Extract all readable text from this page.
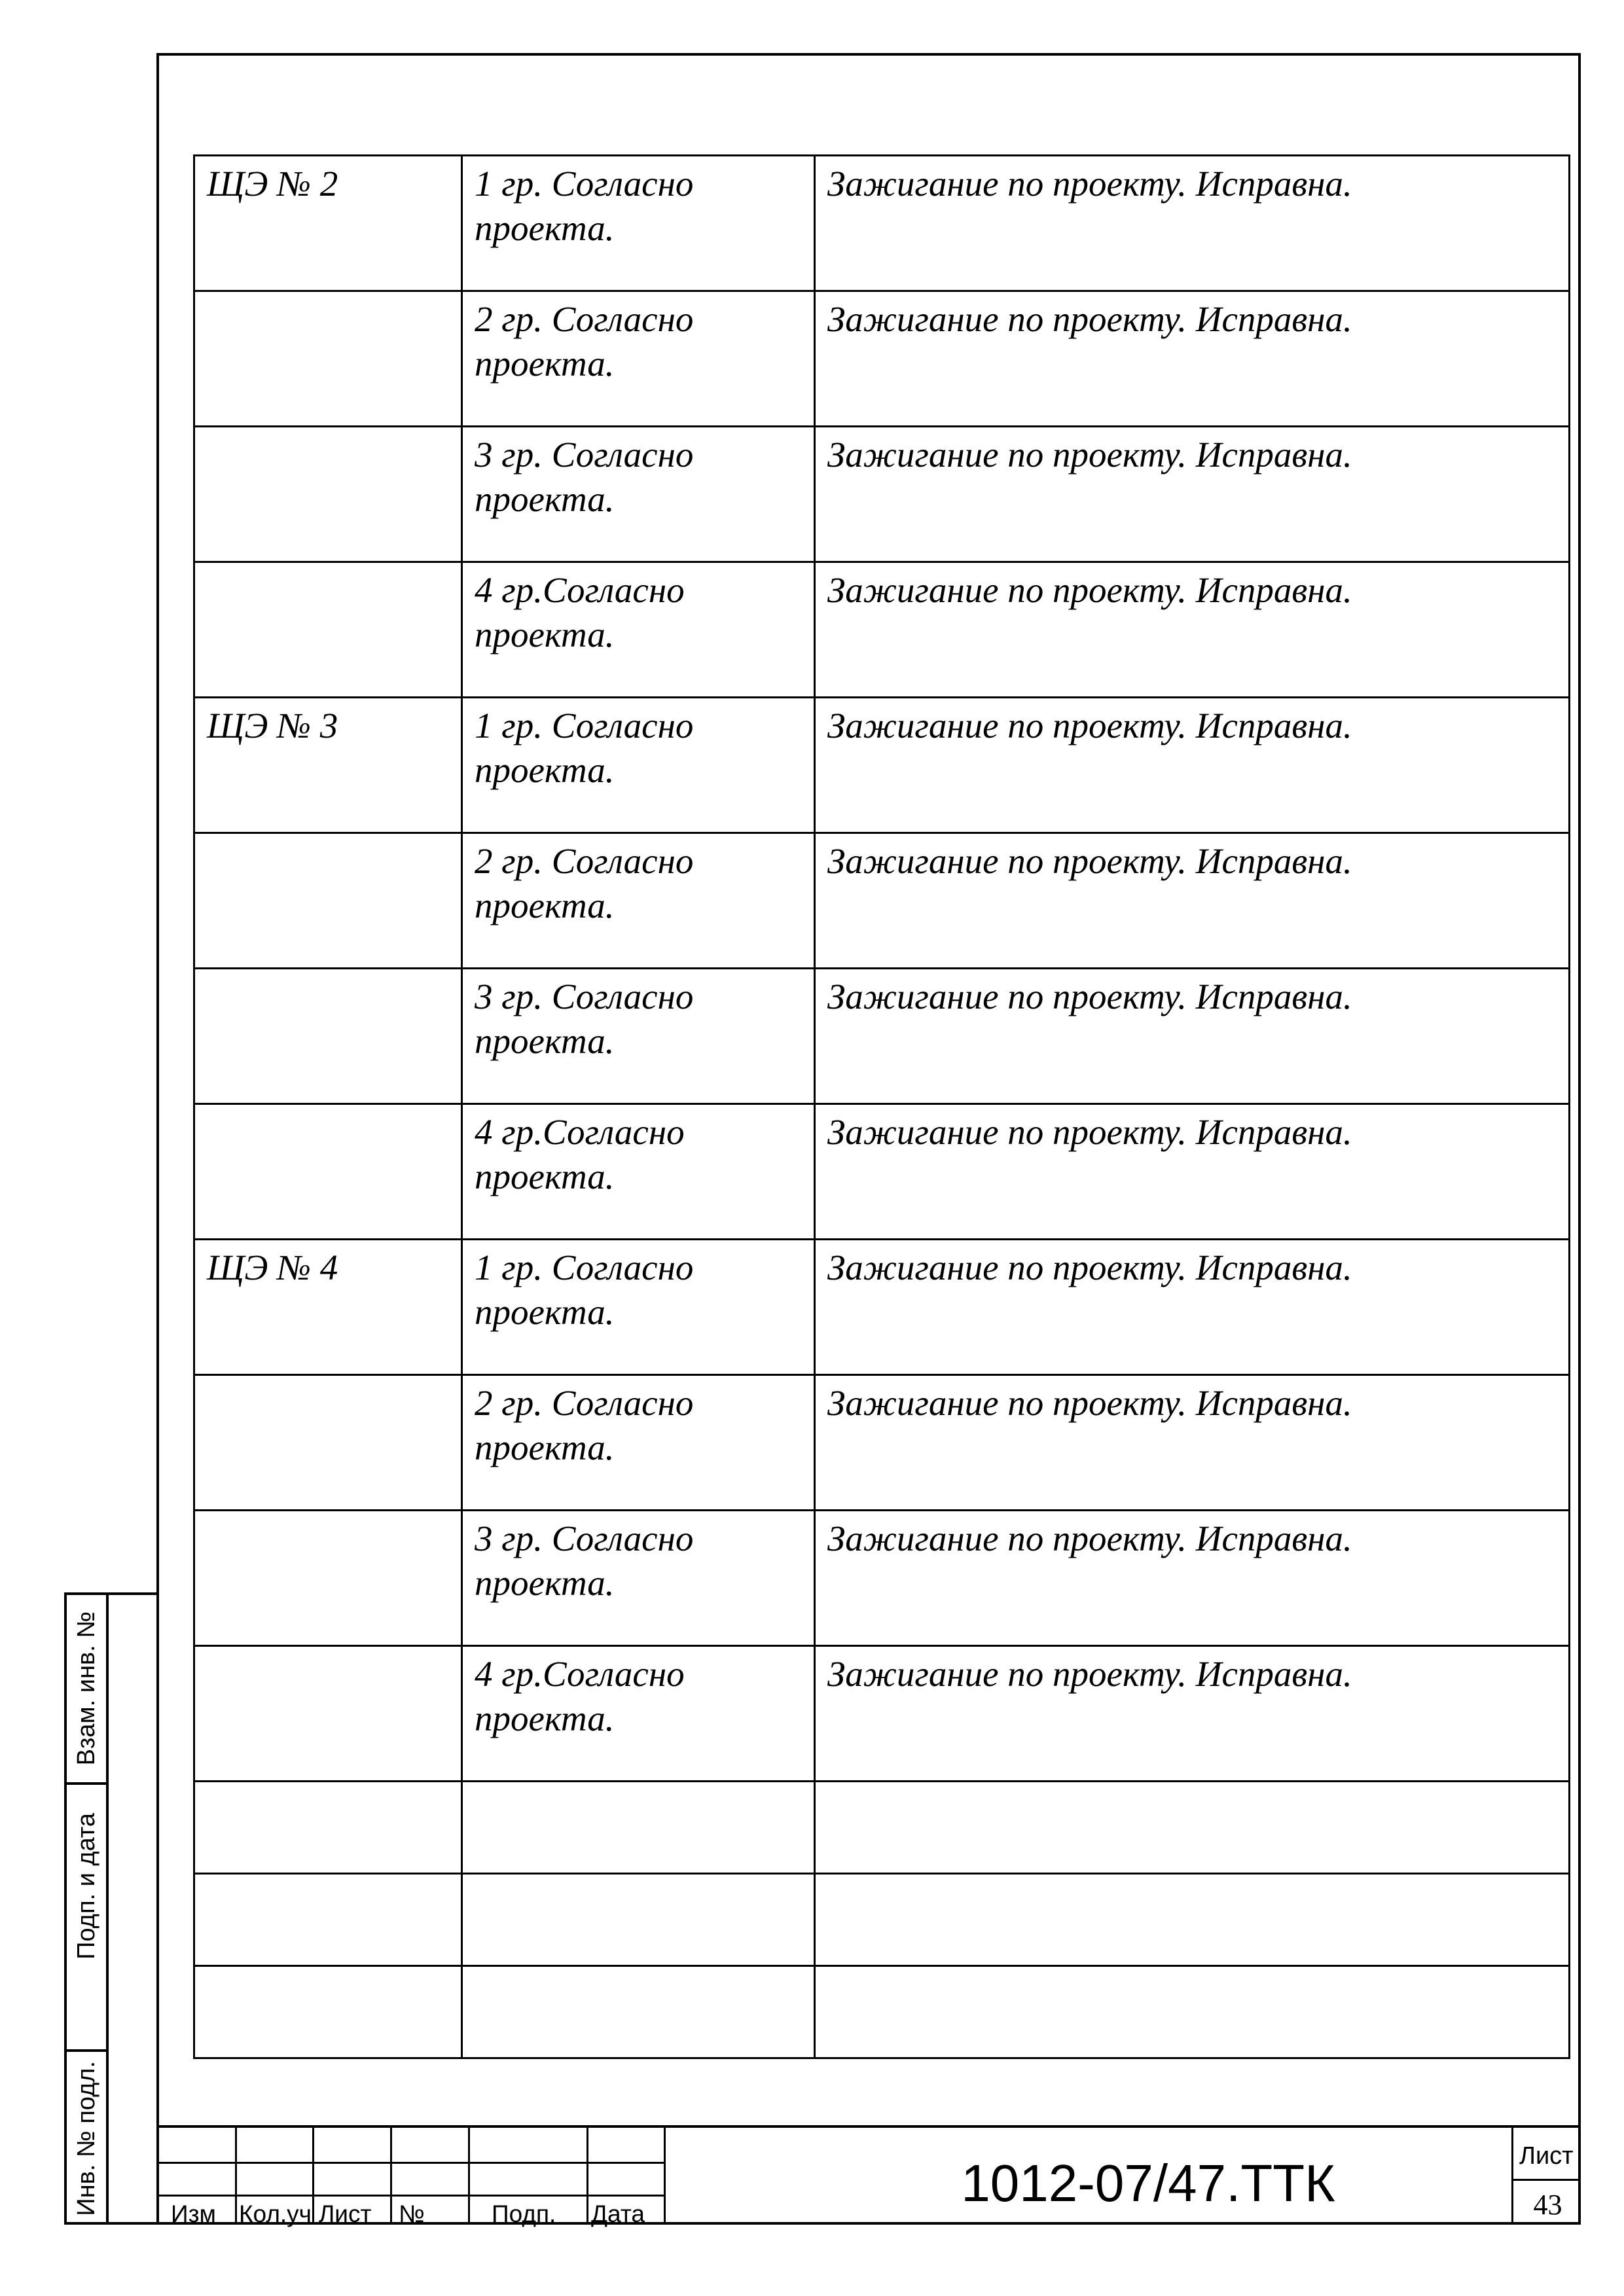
ЩЭ № 2	1 гр. Согласно проекта.	Зажигание по проекту. Исправна.
	2 гр. Согласно проекта.	Зажигание по проекту. Исправна.
	3 гр. Согласно проекта.	Зажигание по проекту. Исправна.
	4 гр.Согласно проекта.	Зажигание по проекту. Исправна.
ЩЭ № 3	1 гр. Согласно проекта.	Зажигание по проекту. Исправна.
	2 гр. Согласно проекта.	Зажигание по проекту. Исправна.
	3 гр. Согласно проекта.	Зажигание по проекту. Исправна.
	4 гр.Согласно проекта.	Зажигание по проекту. Исправна.
ЩЭ № 4	1 гр. Согласно проекта.	Зажигание по проекту. Исправна.
	2 гр. Согласно проекта.	Зажигание по проекту. Исправна.
	3 гр. Согласно проекта.	Зажигание по проекту. Исправна.
	4 гр.Согласно проекта.	Зажигание по проекту. Исправна.

Взам. инв. №
Подп. и дата
Инв. № подл.	Изм Кол.уч Лист №	Подп. Дата
1012-07/47.ТТК	Лист
43
